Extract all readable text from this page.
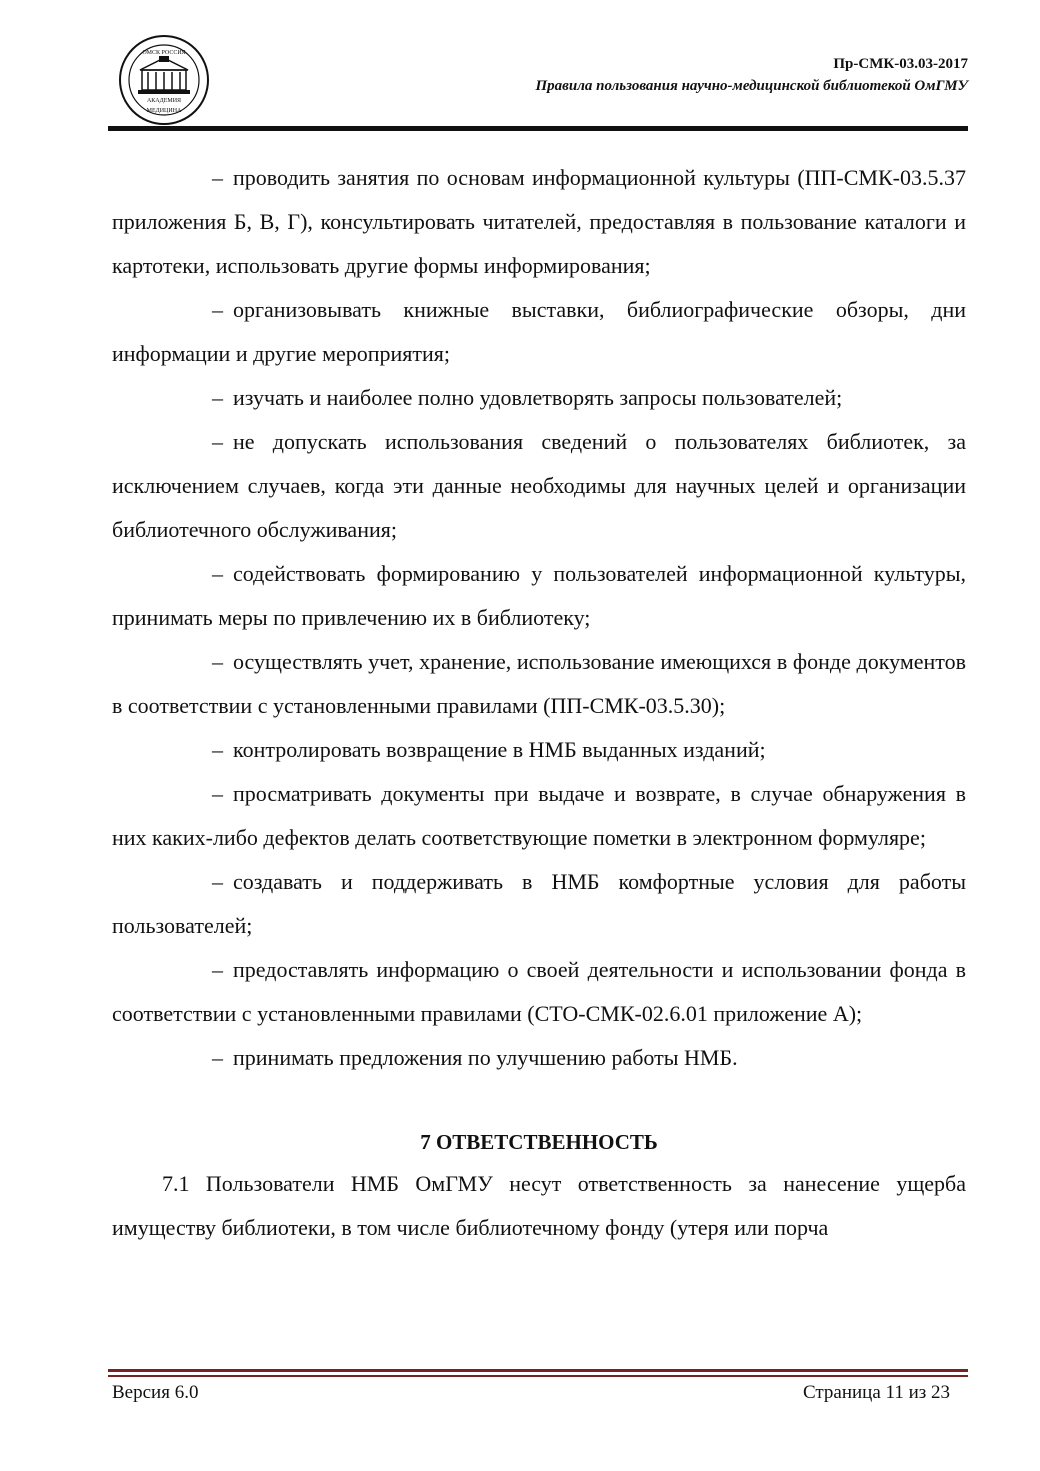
ОМСК РОССИЯ
АКАДЕМИЯ
МЕДИЦИНА
Пр-СМК-03.03-2017
Правила пользования научно-медицинской библиотекой ОмГМУ

– проводить занятия по основам информационной культуры (ПП-СМК-03.5.37 приложения Б, В, Г), консультировать читателей, предоставляя в пользование каталоги и картотеки, использовать другие формы информирования;

– организовывать книжные выставки, библиографические обзоры, дни информации и другие мероприятия;

– изучать и наиболее полно удовлетворять запросы пользователей;

– не допускать использования сведений о пользователях библиотек, за исключением случаев, когда эти данные необходимы для научных целей и организации библиотечного обслуживания;

– содействовать формированию у пользователей информационной культуры, принимать меры по привлечению их в библиотеку;

– осуществлять учет, хранение, использование имеющихся в фонде документов в соответствии с установленными правилами (ПП-СМК-03.5.30);

– контролировать возвращение в НМБ выданных изданий;

– просматривать документы при выдаче и возврате, в случае обнаружения в них каких-либо дефектов делать соответствующие пометки в электронном формуляре;

– создавать и поддерживать в НМБ комфортные условия для работы пользователей;

– предоставлять информацию о своей деятельности и использовании фонда в соответствии с установленными правилами (СТО-СМК-02.6.01 приложение А);

– принимать предложения по улучшению работы НМБ.

7 ОТВЕТСТВЕННОСТЬ

7.1 Пользователи НМБ ОмГМУ несут ответственность за нанесение ущерба имуществу библиотеки, в том числе библиотечному фонду (утеря или порча

Версия 6.0	Страница 11 из 23
